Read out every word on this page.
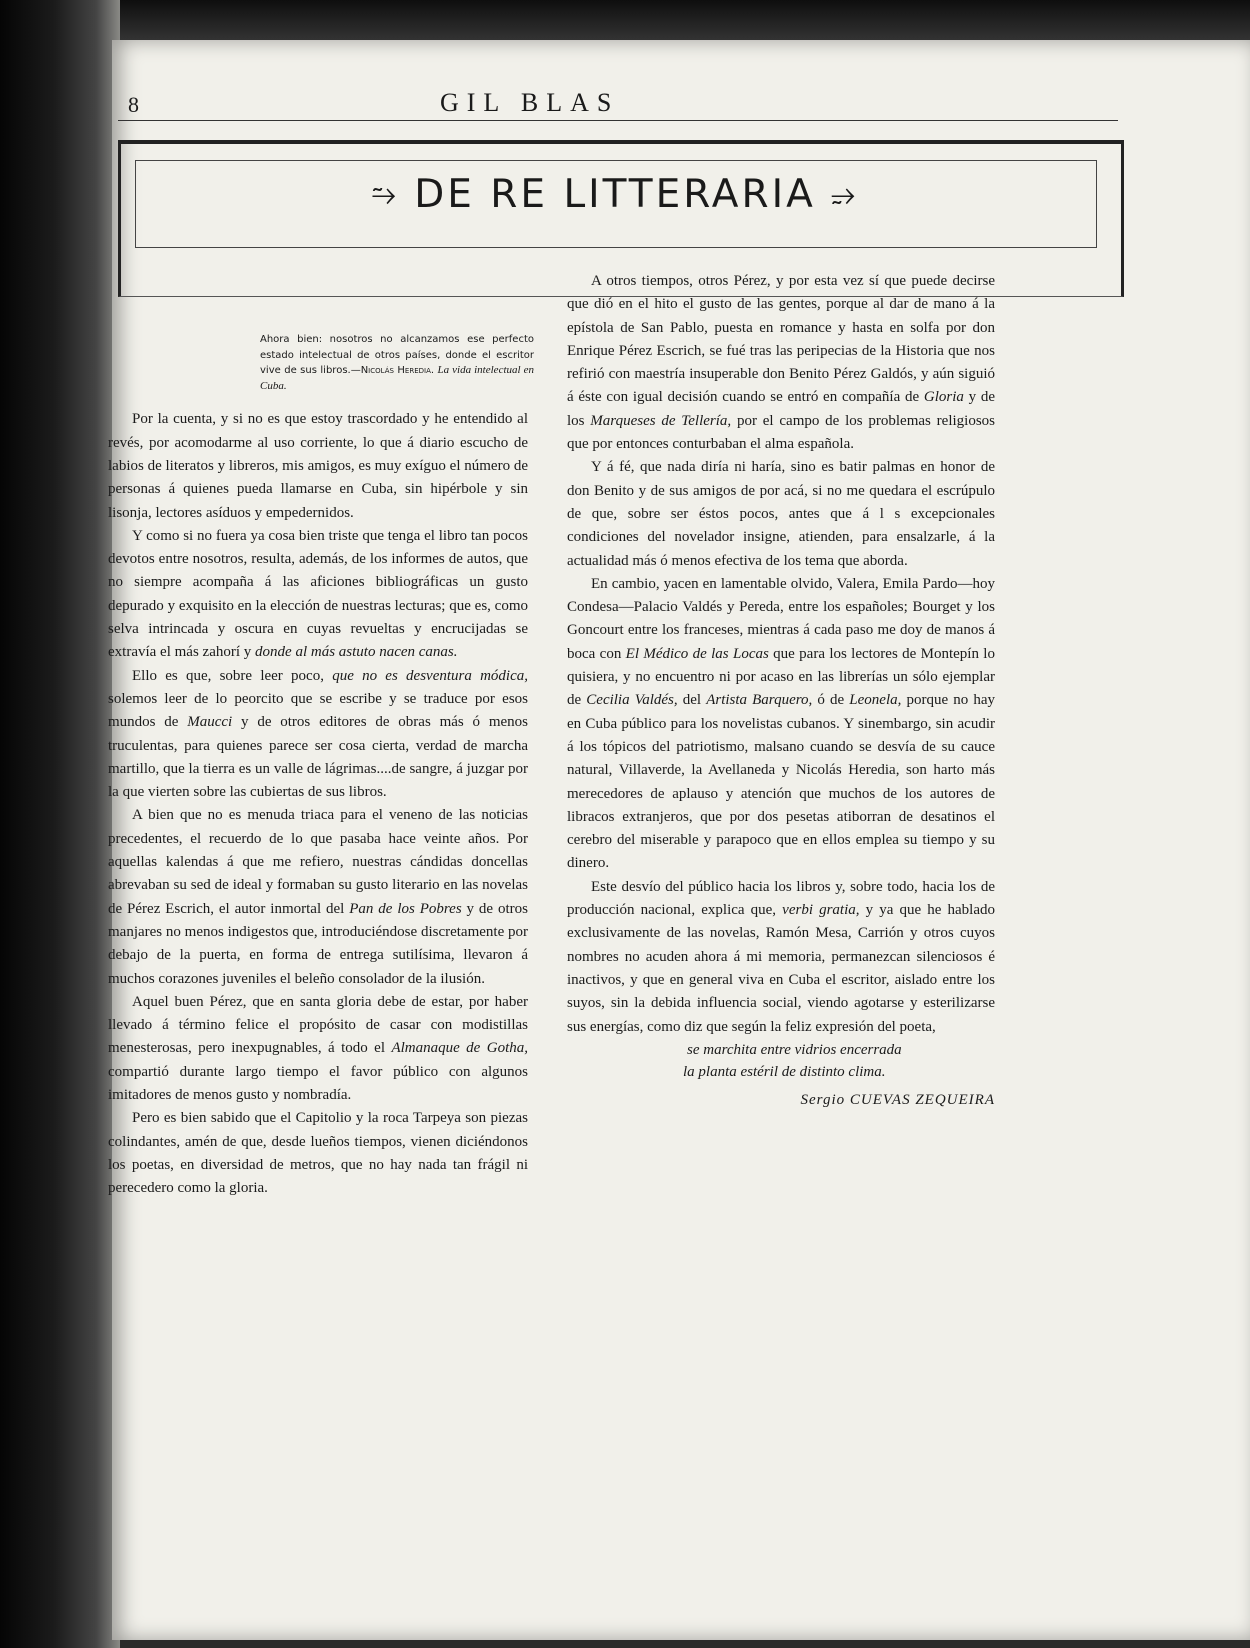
8	GIL BLAS
⥲ DE RE LITTERARIA ⥴
Ahora bien: nosotros no alcanzamos ese perfecto estado intelectual de otros países, donde el escritor vive de sus libros.—Nicolás Heredia. La vida intelectual en Cuba.

Por la cuenta, y si no es que estoy trascordado y he entendido al revés, por acomodarme al uso corriente, lo que á diario escucho de labios de literatos y libreros, mis amigos, es muy exíguo el número de personas á quienes pueda llamarse en Cuba, sin hipérbole y sin lisonja, lectores asíduos y empedernidos.

Y como si no fuera ya cosa bien triste que tenga el libro tan pocos devotos entre nosotros, resulta, además, de los informes de autos, que no siempre acompaña á las aficiones bibliográficas un gusto depurado y exquisito en la elección de nuestras lecturas; que es, como selva intrincada y oscura en cuyas revueltas y encrucijadas se extravía el más zahorí y donde al más astuto nacen canas.

Ello es que, sobre leer poco, que no es desventura módica, solemos leer de lo peorcito que se escribe y se traduce por esos mundos de Maucci y de otros editores de obras más ó menos truculentas, para quienes parece ser cosa cierta, verdad de marcha martillo, que la tierra es un valle de lágrimas....de sangre, á juzgar por la que vierten sobre las cubiertas de sus libros.

A bien que no es menuda triaca para el veneno de las noticias precedentes, el recuerdo de lo que pasaba hace veinte años. Por aquellas kalendas á que me refiero, nuestras cándidas doncellas abrevaban su sed de ideal y formaban su gusto literario en las novelas de Pérez Escrich, el autor inmortal del Pan de los Pobres y de otros manjares no menos indigestos que, introduciéndose discretamente por debajo de la puerta, en forma de entrega sutilísima, llevaron á muchos corazones juveniles el beleño consolador de la ilusión.

Aquel buen Pérez, que en santa gloria debe de estar, por haber llevado á término felice el propósito de casar con modistillas menesterosas, pero inexpugnables, á todo el Almanaque de Gotha, compartió durante largo tiempo el favor público con algunos imitadores de menos gusto y nombradía.

Pero es bien sabido que el Capitolio y la roca Tarpeya son piezas colindantes, amén de que, desde lueños tiempos, vienen diciéndonos los poetas, en diversidad de metros, que no hay nada tan frágil ni perecedero como la gloria.

A otros tiempos, otros Pérez, y por esta vez sí que puede decirse que dió en el hito el gusto de las gentes, porque al dar de mano á la epístola de San Pablo, puesta en romance y hasta en solfa por don Enrique Pérez Escrich, se fué tras las peripecias de la Historia que nos refirió con maestría insuperable don Benito Pérez Galdós, y aún siguió á éste con igual decisión cuando se entró en compañía de Gloria y de los Marqueses de Tellería, por el campo de los problemas religiosos que por entonces conturbaban el alma española.

Y á fé, que nada diría ni haría, sino es batir palmas en honor de don Benito y de sus amigos de por acá, si no me quedara el escrúpulo de que, sobre ser éstos pocos, antes que á l s excepcionales condiciones del novelador insigne, atienden, para ensalzarle, á la actualidad más ó menos efectiva de los tema que aborda.

En cambio, yacen en lamentable olvido, Valera, Emila Pardo—hoy Condesa—Palacio Valdés y Pereda, entre los españoles; Bourget y los Goncourt entre los franceses, mientras á cada paso me doy de manos á boca con El Médico de las Locas que para los lectores de Montepín lo quisiera, y no encuentro ni por acaso en las librerías un sólo ejemplar de Cecilia Valdés, del Artista Barquero, ó de Leonela, porque no hay en Cuba público para los novelistas cubanos. Y sinembargo, sin acudir á los tópicos del patriotismo, malsano cuando se desvía de su cauce natural, Villaverde, la Avellaneda y Nicolás Heredia, son harto más merecedores de aplauso y atención que muchos de los autores de libracos extranjeros, que por dos pesetas atiborran de desatinos el cerebro del miserable y parapoco que en ellos emplea su tiempo y su dinero.

Este desvío del público hacia los libros y, sobre todo, hacia los de producción nacional, explica que, verbi gratia, y ya que he hablado exclusivamente de las novelas, Ramón Mesa, Carrión y otros cuyos nombres no acuden ahora á mi memoria, permanezcan silenciosos é inactivos, y que en general viva en Cuba el escritor, aislado entre los suyos, sin la debida influencia social, viendo agotarse y esterilizarse sus energías, como diz que según la feliz expresión del poeta,

se marchita entre vidrios encerrada
la planta estéril de distinto clima.
Sergio CUEVAS ZEQUEIRA
